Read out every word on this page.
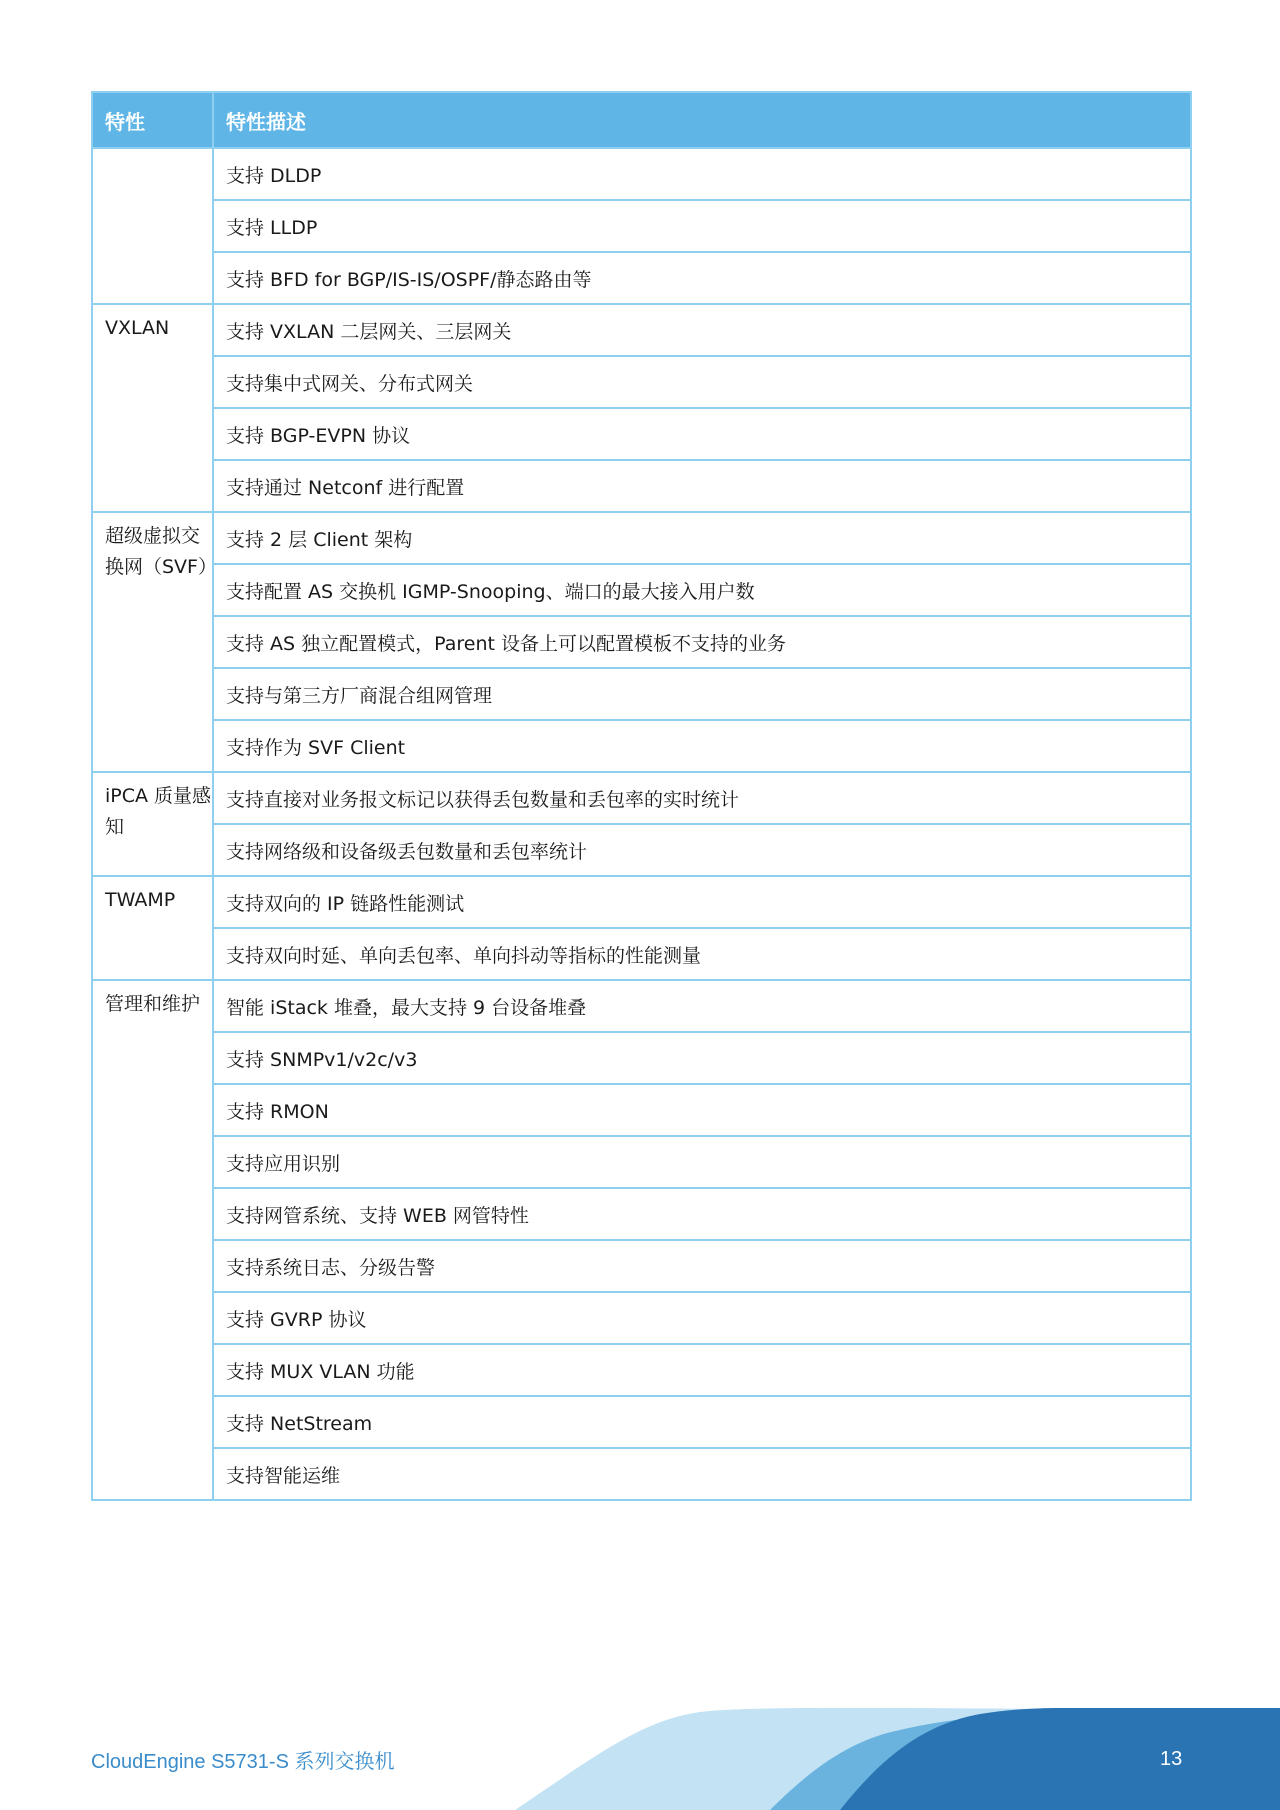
特性	特性描述

	支持 DLDP
	支持 LLDP
	支持 BFD for BGP/IS-IS/OSPF/静态路由等

VXLAN	支持 VXLAN 二层网关、三层网关
	支持集中式网关、分布式网关
	支持 BGP-EVPN 协议
	支持通过 Netconf 进行配置

超级虚拟交换网（SVF）	支持 2 层 Client 架构
	支持配置 AS 交换机 IGMP-Snooping、端口的最大接入用户数
	支持 AS 独立配置模式，Parent 设备上可以配置模板不支持的业务
	支持与第三方厂商混合组网管理
	支持作为 SVF Client

iPCA 质量感知	支持直接对业务报文标记以获得丢包数量和丢包率的实时统计
	支持网络级和设备级丢包数量和丢包率统计

TWAMP	支持双向的 IP 链路性能测试
	支持双向时延、单向丢包率、单向抖动等指标的性能测量

管理和维护	智能 iStack 堆叠，最大支持 9 台设备堆叠
	支持 SNMPv1/v2c/v3
	支持 RMON
	支持应用识别
	支持网管系统、支持 WEB 网管特性
	支持系统日志、分级告警
	支持 GVRP 协议
	支持 MUX VLAN 功能
	支持 NetStream
	支持智能运维
CloudEngine S5731-S 系列交换机	13
